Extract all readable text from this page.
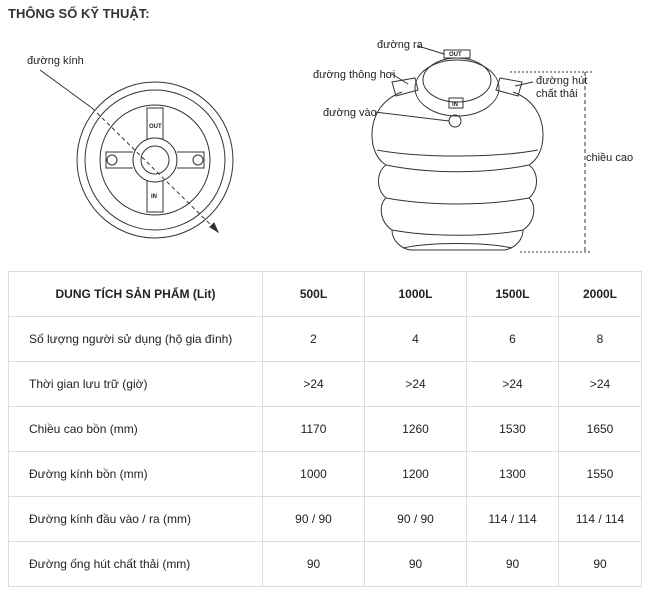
THÔNG SỐ KỸ THUẬT:
đường kính
OUT
IN
đường ra
đường thông hơi
đường vào
đường hút
chất thải
chiều cao
OUT
IN
DUNG TÍCH SẢN PHẨM (Lit)	500L	1000L	1500L	2000L
Số lượng người sử dụng (hộ gia đình)	2	4	6	8
Thời gian lưu trữ (giờ)	>24	>24	>24	>24
Chiều cao bồn (mm)	1170	1260	1530	1650
Đường kính bồn (mm)	1000	1200	1300	1550
Đường kính đầu vào / ra (mm)	90 / 90	90 / 90	114 / 114	114 / 114
Đường ống hút chất thải (mm)	90	90	90	90
